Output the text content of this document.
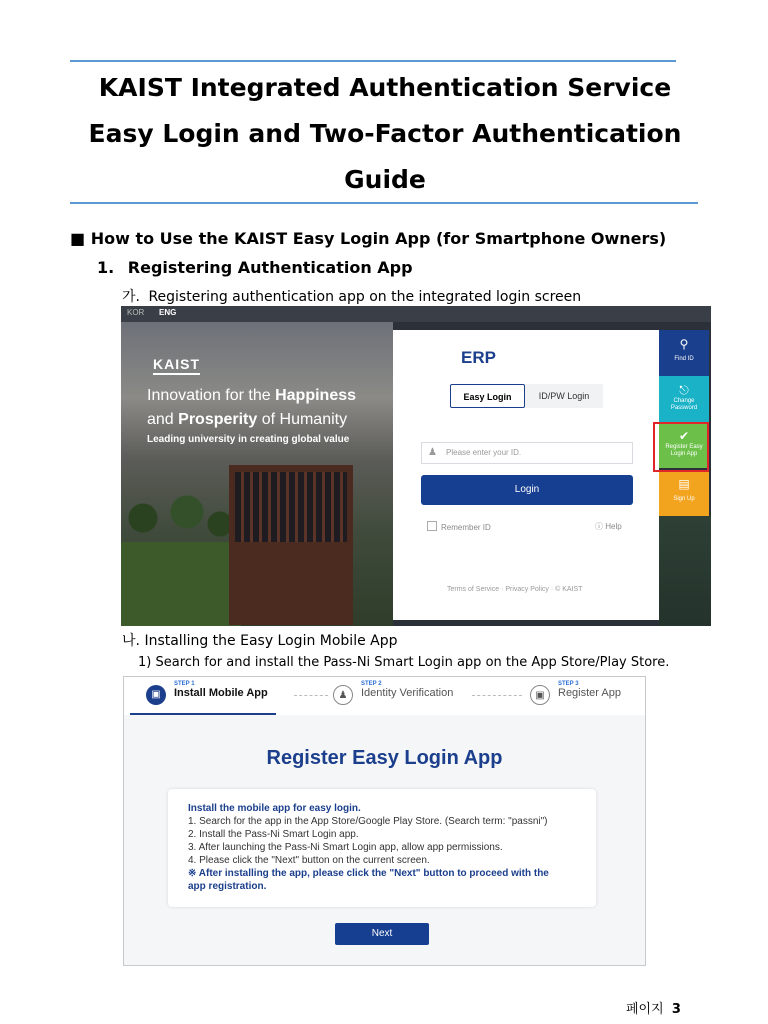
KAIST Integrated Authentication Service
Easy Login and Two-Factor Authentication
Guide
■ How to Use the KAIST Easy Login App (for Smartphone Owners)
1. Registering Authentication App
가. Registering authentication app on the integrated login screen
KOR ENG
KAIST
Innovation for the Happiness
and Prosperity of Humanity
Leading university in creating global value
ERP
Easy Login	ID/PW Login
♟ Please enter your ID.
Login
Remember ID	ⓘ Help
Terms of Service · Privacy Policy · © KAIST
⚲
Find ID
⎋
Change Password
✔
Register Easy Login App
▤
Sign Up
나. Installing the Easy Login Mobile App
1) Search for and install the Pass-Ni Smart Login app on the App Store/Play Store.
▣
STEP 1
Install Mobile App	♟
STEP 2
Identity Verification	▣
STEP 3
Register App
Register Easy Login App
Install the mobile app for easy login.
1. Search for the app in the App Store/Google Play Store. (Search term: "passni")
2. Install the Pass-Ni Smart Login app.
3. After launching the Pass-Ni Smart Login app, allow app permissions.
4. Please click the "Next" button on the current screen.
※ After installing the app, please click the "Next" button to proceed with the
app registration.
Next
페이지 3
